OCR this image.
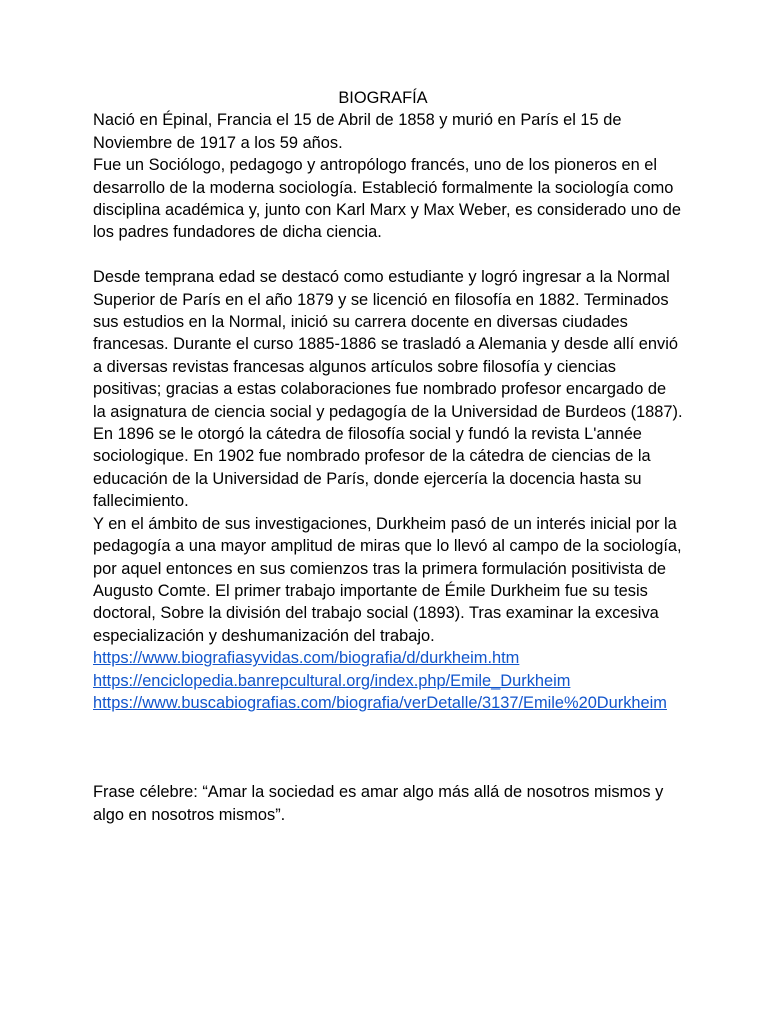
BIOGRAFÍA

Nació en Épinal, Francia el 15 de Abril de 1858 y murió en París el 15 de Noviembre de 1917 a los 59 años.

Fue un Sociólogo, pedagogo y antropólogo francés, uno de los pioneros en el desarrollo de la moderna sociología. Estableció formalmente la sociología como disciplina académica y, junto con Karl Marx y Max Weber, es considerado uno de los padres fundadores de dicha ciencia.

Desde temprana edad se destacó como estudiante y logró ingresar a la Normal Superior de París en el año 1879 y se licenció en filosofía en 1882. Terminados sus estudios en la Normal, inició su carrera docente en diversas ciudades francesas. Durante el curso 1885-1886 se trasladó a Alemania y desde allí envió a diversas revistas francesas algunos artículos sobre filosofía y ciencias positivas; gracias a estas colaboraciones fue nombrado profesor encargado de la asignatura de ciencia social y pedagogía de la Universidad de Burdeos (1887). En 1896 se le otorgó la cátedra de filosofía social y fundó la revista L'année sociologique. En 1902 fue nombrado profesor de la cátedra de ciencias de la educación de la Universidad de París, donde ejercería la docencia hasta su fallecimiento.

Y en el ámbito de sus investigaciones, Durkheim pasó de un interés inicial por la pedagogía a una mayor amplitud de miras que lo llevó al campo de la sociología, por aquel entonces en sus comienzos tras la primera formulación positivista de Augusto Comte. El primer trabajo importante de Émile Durkheim fue su tesis doctoral, Sobre la división del trabajo social (1893). Tras examinar la excesiva especialización y deshumanización del trabajo.

https://www.biografiasyvidas.com/biografia/d/durkheim.htm
https://enciclopedia.banrepcultural.org/index.php/Emile_Durkheim
https://www.buscabiografias.com/biografia/verDetalle/3137/Emile%20Durkheim

Frase célebre: “Amar la sociedad es amar algo más allá de nosotros mismos y algo en nosotros mismos”.
